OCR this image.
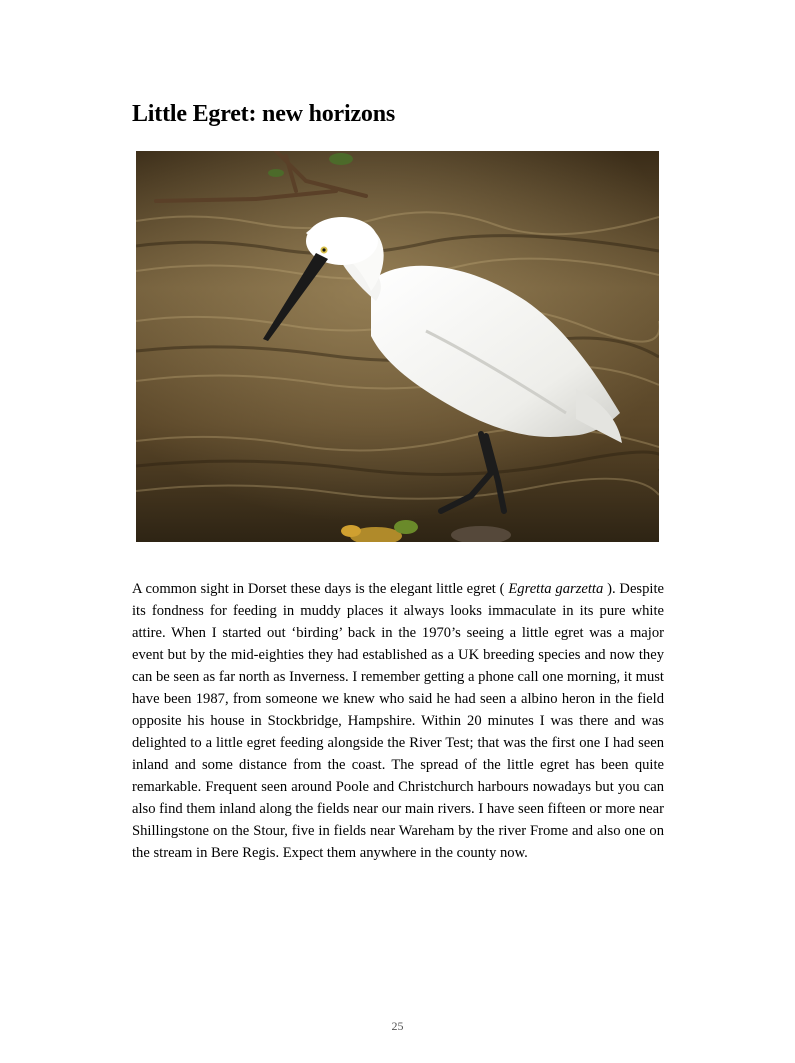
Little Egret: new horizons

A common sight in Dorset these days is the elegant little egret ( Egretta garzetta ). Despite its fondness for feeding in muddy places it always looks immaculate in its pure white attire. When I started out ‘birding’ back in the 1970’s seeing a little egret was a major event but by the mid-eighties they had established as a UK breeding species and now they can be seen as far north as Inverness. I remember getting a phone call one morning, it must have been 1987, from someone we knew who said he had seen a albino heron in the field opposite his house in Stockbridge, Hampshire. Within 20 minutes I was there and was delighted to a little egret feeding alongside the River Test; that was the first one I had seen inland and some distance from the coast. The spread of the little egret has been quite remarkable. Frequent seen around Poole and Christchurch harbours nowadays but you can also find them inland along the fields near our main rivers. I have seen fifteen or more near Shillingstone on the Stour, five in fields near Wareham by the river Frome and also one on the stream in Bere Regis. Expect them anywhere in the county now.

25
